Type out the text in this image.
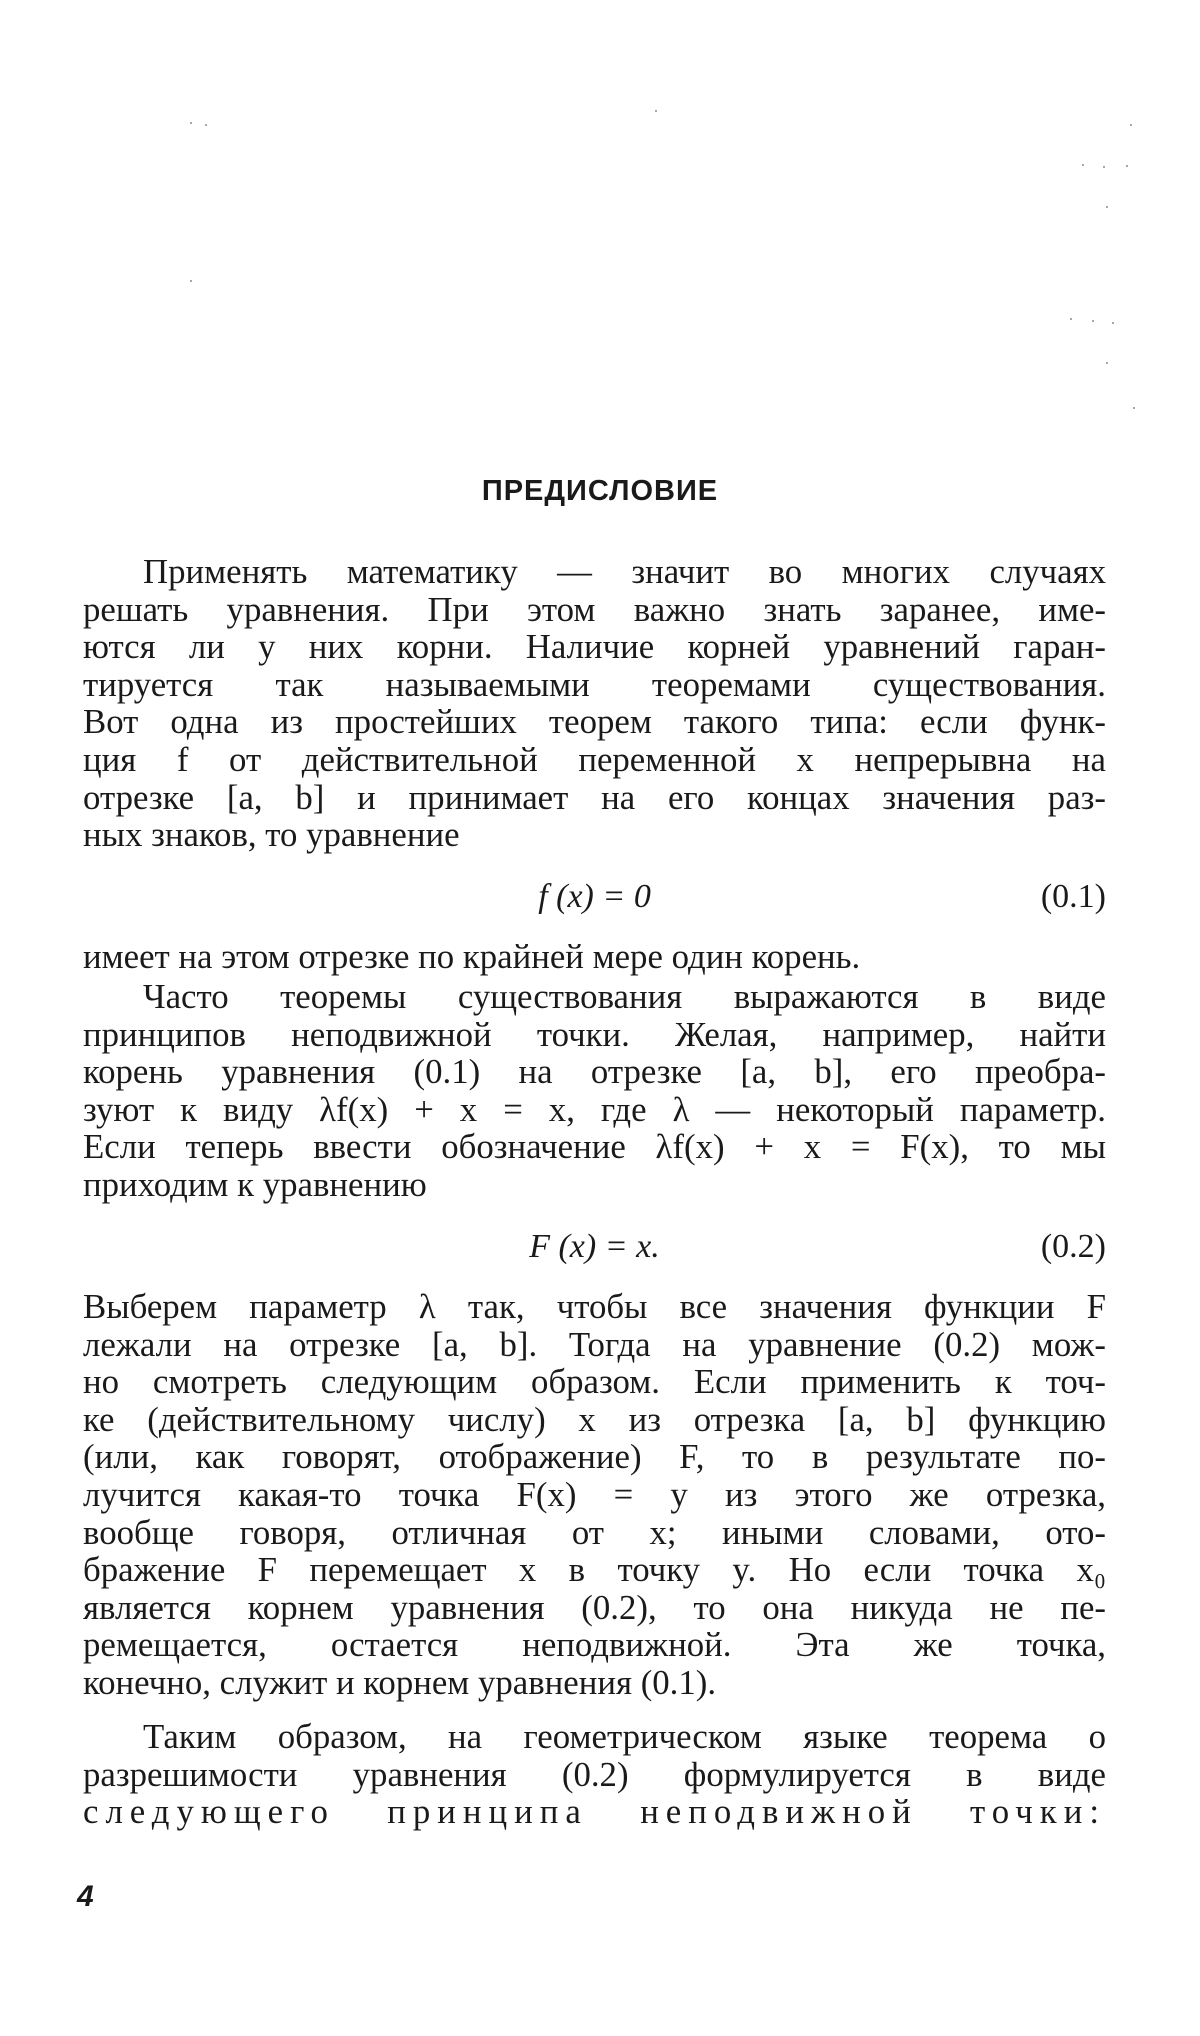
ПРЕДИСЛОВИЕ
Применять математику — значит во многих случаях
решать уравнения. При этом важно знать заранее, име-
ются ли у них корни. Наличие корней уравнений гаран-
тируется так называемыми теоремами существования.
Вот одна из простейших теорем такого типа: если функ-
ция f от действительной переменной x непрерывна на
отрезке [a, b] и принимает на его концах значения раз-
ных знаков, то уравнение
f (x) = 0	(0.1)
имеет на этом отрезке по крайней мере один корень.
Часто теоремы существования выражаются в виде
принципов неподвижной точки. Желая, например, найти
корень уравнения (0.1) на отрезке [a, b], его преобра-
зуют к виду λf(x) + x = x, где λ — некоторый параметр.
Если теперь ввести обозначение λf(x) + x = F(x), то мы
приходим к уравнению
F (x) = x.	(0.2)
Выберем параметр λ так, чтобы все значения функции F
лежали на отрезке [a, b]. Тогда на уравнение (0.2) мож-
но смотреть следующим образом. Если применить к точ-
ке (действительному числу) x из отрезка [a, b] функцию
(или, как говорят, отображение) F, то в результате по-
лучится какая-то точка F(x) = y из этого же отрезка,
вообще говоря, отличная от x; иными словами, ото-
бражение F перемещает x в точку y. Но если точка x₀
является корнем уравнения (0.2), то она никуда не пе-
ремещается, остается неподвижной. Эта же точка,
конечно, служит и корнем уравнения (0.1).
Таким образом, на геометрическом языке теорема о
разрешимости уравнения (0.2) формулируется в виде
следующего принципа неподвижной точки:
4
